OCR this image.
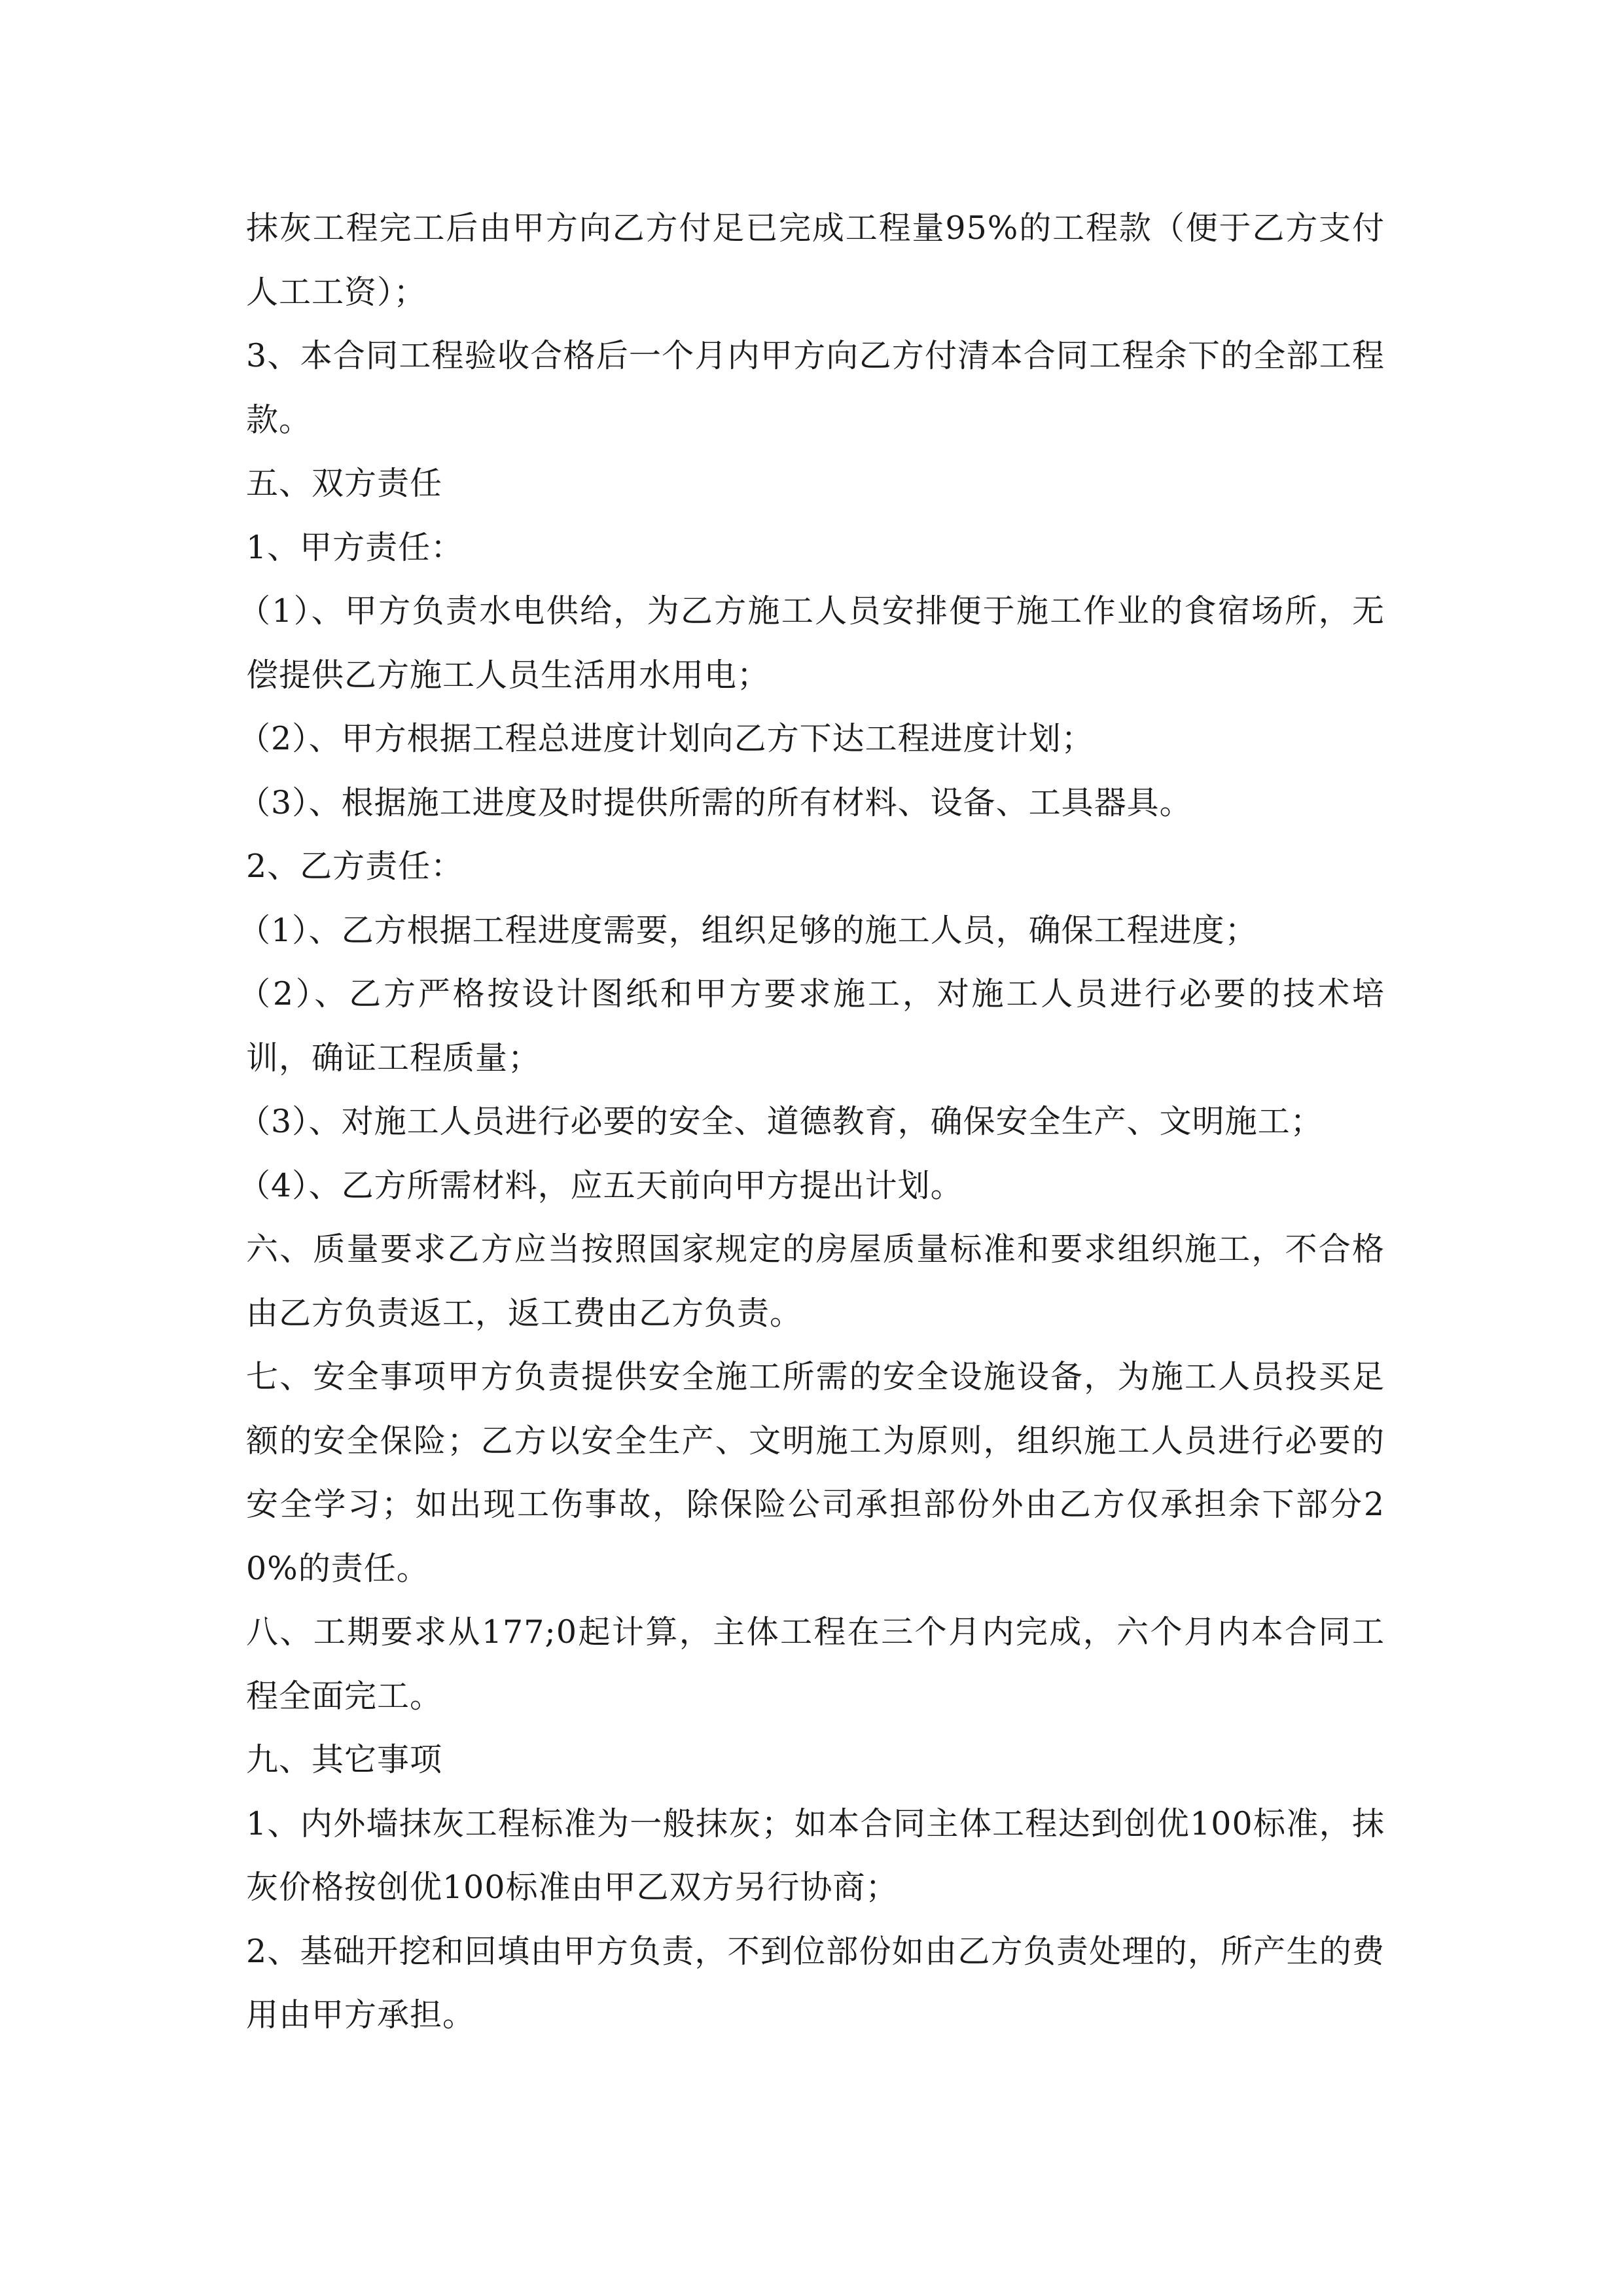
抹灰工程完工后由甲方向乙方付足已完成工程量95%的工程款（便于乙方支付人工工资）；

3、本合同工程验收合格后一个月内甲方向乙方付清本合同工程余下的全部工程款。

五、双方责任

1、甲方责任：

（1）、甲方负责水电供给，为乙方施工人员安排便于施工作业的食宿场所，无偿提供乙方施工人员生活用水用电；

（2）、甲方根据工程总进度计划向乙方下达工程进度计划；

（3）、根据施工进度及时提供所需的所有材料、设备、工具器具。

2、乙方责任：

（1）、乙方根据工程进度需要，组织足够的施工人员，确保工程进度；

（2）、乙方严格按设计图纸和甲方要求施工，对施工人员进行必要的技术培训，确证工程质量；

（3）、对施工人员进行必要的安全、道德教育，确保安全生产、文明施工；

（4）、乙方所需材料，应五天前向甲方提出计划。

六、质量要求乙方应当按照国家规定的房屋质量标准和要求组织施工，不合格由乙方负责返工，返工费由乙方负责。

七、安全事项甲方负责提供安全施工所需的安全设施设备，为施工人员投买足额的安全保险；乙方以安全生产、文明施工为原则，组织施工人员进行必要的安全学习；如出现工伤事故，除保险公司承担部份外由乙方仅承担余下部分20%的责任。

八、工期要求从177;0起计算，主体工程在三个月内完成，六个月内本合同工程全面完工。

九、其它事项

1、内外墙抹灰工程标准为一般抹灰；如本合同主体工程达到创优100标准，抹灰价格按创优100标准由甲乙双方另行协商；

2、基础开挖和回填由甲方负责，不到位部份如由乙方负责处理的，所产生的费用由甲方承担。
